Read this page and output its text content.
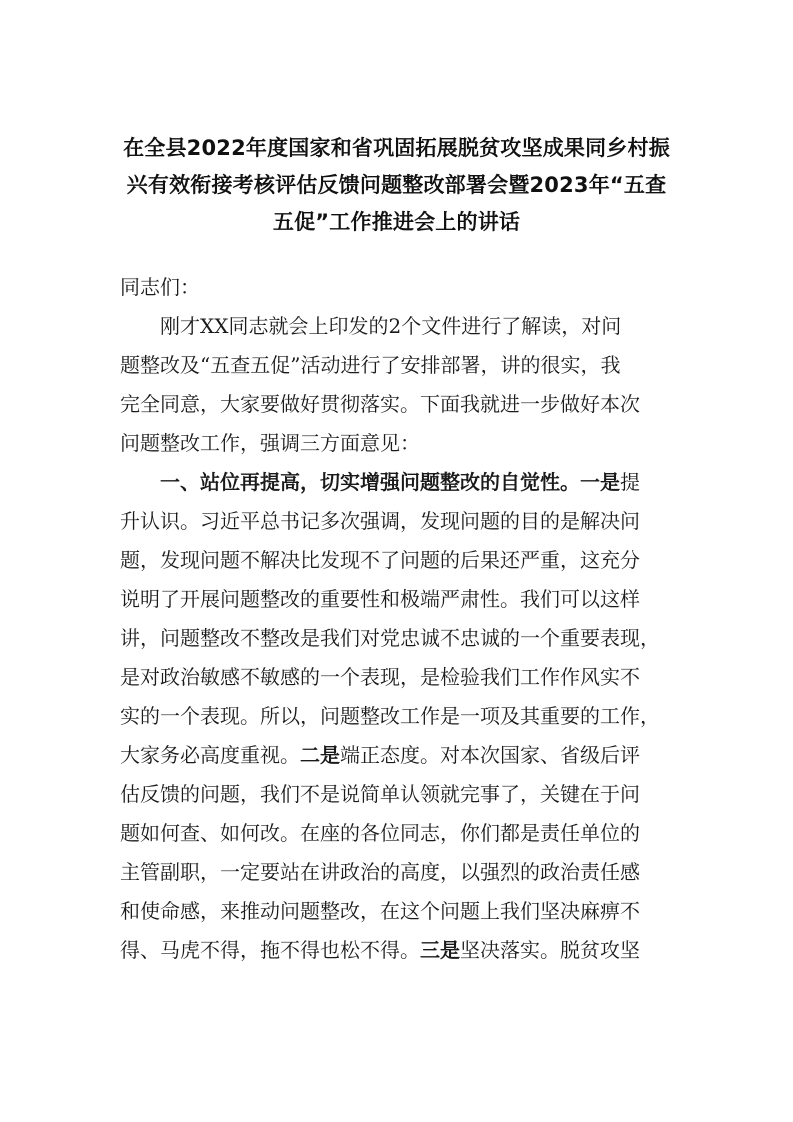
在全县2022年度国家和省巩固拓展脱贫攻坚成果同乡村振
兴有效衔接考核评估反馈问题整改部署会暨2023年“五查
五促”工作推进会上的讲话
同志们：
刚才XX同志就会上印发的2个文件进行了解读，对问
题整改及“五查五促”活动进行了安排部署，讲的很实，我
完全同意，大家要做好贯彻落实。下面我就进一步做好本次
问题整改工作，强调三方面意见：
一、站位再提高，切实增强问题整改的自觉性。一是提
升认识。习近平总书记多次强调，发现问题的目的是解决问
题，发现问题不解决比发现不了问题的后果还严重，这充分
说明了开展问题整改的重要性和极端严肃性。我们可以这样
讲，问题整改不整改是我们对党忠诚不忠诚的一个重要表现，
是对政治敏感不敏感的一个表现，是检验我们工作作风实不
实的一个表现。所以，问题整改工作是一项及其重要的工作，
大家务必高度重视。二是端正态度。对本次国家、省级后评
估反馈的问题，我们不是说简单认领就完事了，关键在于问
题如何查、如何改。在座的各位同志，你们都是责任单位的
主管副职，一定要站在讲政治的高度，以强烈的政治责任感
和使命感，来推动问题整改，在这个问题上我们坚决麻痹不
得、马虎不得，拖不得也松不得。三是坚决落实。脱贫攻坚
